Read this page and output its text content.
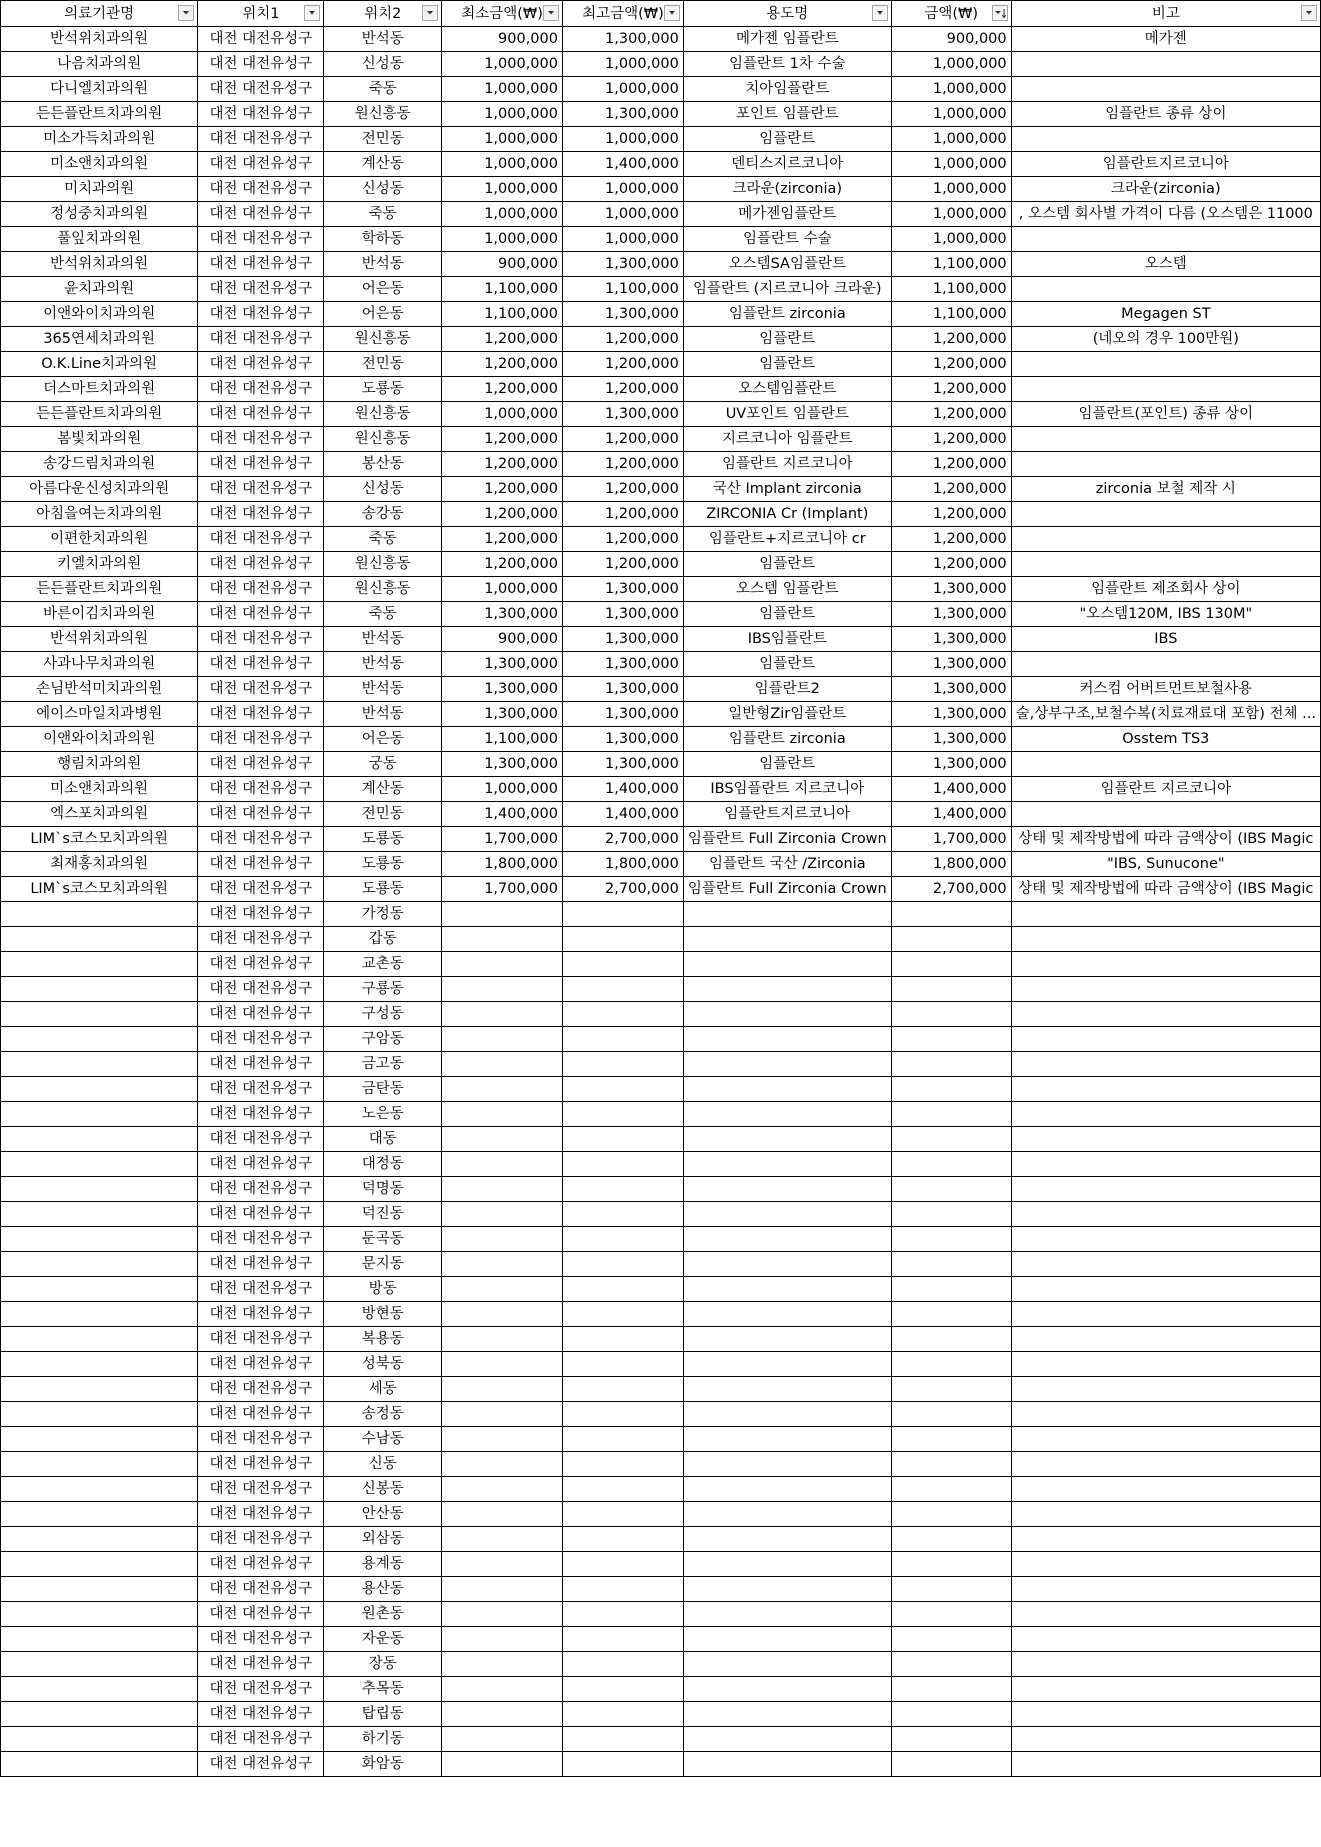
의료기관명	위치1	위치2	최소금액(₩)	최고금액(₩)	용도명	금액(₩)	비고

반석위치과의원	대전 대전유성구	반석동	900,000	1,300,000	메가젠 임플란트	900,000	메가젠
나음치과의원	대전 대전유성구	신성동	1,000,000	1,000,000	임플란트 1차 수술	1,000,000	
다니엘치과의원	대전 대전유성구	죽동	1,000,000	1,000,000	치아임플란트	1,000,000	
든든플란트치과의원	대전 대전유성구	원신흥동	1,000,000	1,300,000	포인트 임플란트	1,000,000	임플란트 종류 상이
미소가득치과의원	대전 대전유성구	전민동	1,000,000	1,000,000	임플란트	1,000,000	
미소앤치과의원	대전 대전유성구	계산동	1,000,000	1,400,000	덴티스지르코니아	1,000,000	임플란트지르코니아
미치과의원	대전 대전유성구	신성동	1,000,000	1,000,000	크라운(zirconia)	1,000,000	크라운(zirconia)
정성중치과의원	대전 대전유성구	죽동	1,000,000	1,000,000	메가젠임플란트	1,000,000	, 오스템 회사별 가격이 다름 (오스템은 11000
풀잎치과의원	대전 대전유성구	학하동	1,000,000	1,000,000	임플란트 수술	1,000,000	
반석위치과의원	대전 대전유성구	반석동	900,000	1,300,000	오스템SA임플란트	1,100,000	오스템
윤치과의원	대전 대전유성구	어은동	1,100,000	1,100,000	임플란트 (지르코니아 크라운)	1,100,000	
이앤와이치과의원	대전 대전유성구	어은동	1,100,000	1,300,000	임플란트 zirconia	1,100,000	Megagen ST
365연세치과의원	대전 대전유성구	원신흥동	1,200,000	1,200,000	임플란트	1,200,000	(네오의 경우 100만원)
O.K.Line치과의원	대전 대전유성구	전민동	1,200,000	1,200,000	임플란트	1,200,000	
더스마트치과의원	대전 대전유성구	도룡동	1,200,000	1,200,000	오스템임플란트	1,200,000	
든든플란트치과의원	대전 대전유성구	원신흥동	1,000,000	1,300,000	UV포인트 임플란트	1,200,000	임플란트(포인트) 종류 상이
봄빛치과의원	대전 대전유성구	원신흥동	1,200,000	1,200,000	지르코니아 임플란트	1,200,000	
송강드림치과의원	대전 대전유성구	봉산동	1,200,000	1,200,000	임플란트 지르코니아	1,200,000	
아름다운신성치과의원	대전 대전유성구	신성동	1,200,000	1,200,000	국산 Implant zirconia	1,200,000	zirconia 보철 제작 시
아침을여는치과의원	대전 대전유성구	송강동	1,200,000	1,200,000	ZIRCONIA Cr (Implant)	1,200,000	
이편한치과의원	대전 대전유성구	죽동	1,200,000	1,200,000	임플란트+지르코니아 cr	1,200,000	
키엘치과의원	대전 대전유성구	원신흥동	1,200,000	1,200,000	임플란트	1,200,000	
든든플란트치과의원	대전 대전유성구	원신흥동	1,000,000	1,300,000	오스템 임플란트	1,300,000	임플란트 제조회사 상이
바른이김치과의원	대전 대전유성구	죽동	1,300,000	1,300,000	임플란트	1,300,000	"오스템120M, IBS 130M"
반석위치과의원	대전 대전유성구	반석동	900,000	1,300,000	IBS임플란트	1,300,000	IBS
사과나무치과의원	대전 대전유성구	반석동	1,300,000	1,300,000	임플란트	1,300,000	
손님반석미치과의원	대전 대전유성구	반석동	1,300,000	1,300,000	임플란트2	1,300,000	커스컴 어버트먼트보철사용
에이스마일치과병원	대전 대전유성구	반석동	1,300,000	1,300,000	일반형Zir임플란트	1,300,000	술,상부구조,보철수복(치료재료대 포함) 전체 ...
이앤와이치과의원	대전 대전유성구	어은동	1,100,000	1,300,000	임플란트 zirconia	1,300,000	Osstem TS3
행림치과의원	대전 대전유성구	궁동	1,300,000	1,300,000	임플란트	1,300,000	
미소앤치과의원	대전 대전유성구	계산동	1,000,000	1,400,000	IBS임플란트 지르코니아	1,400,000	임플란트 지르코니아
엑스포치과의원	대전 대전유성구	전민동	1,400,000	1,400,000	임플란트지르코니아	1,400,000	
LIM`s코스모치과의원	대전 대전유성구	도룡동	1,700,000	2,700,000	임플란트 Full Zirconia Crown	1,700,000	상태 및 제작방법에 따라 금액상이 (IBS Magic
최재홍치과의원	대전 대전유성구	도룡동	1,800,000	1,800,000	임플란트 국산 /Zirconia	1,800,000	"IBS, Sunucone"
LIM`s코스모치과의원	대전 대전유성구	도룡동	1,700,000	2,700,000	임플란트 Full Zirconia Crown	2,700,000	상태 및 제작방법에 따라 금액상이 (IBS Magic
	대전 대전유성구	가정동					
	대전 대전유성구	갑동					
	대전 대전유성구	교촌동					
	대전 대전유성구	구룡동					
	대전 대전유성구	구성동					
	대전 대전유성구	구암동					
	대전 대전유성구	금고동					
	대전 대전유성구	금탄동					
	대전 대전유성구	노은동					
	대전 대전유성구	대동					
	대전 대전유성구	대정동					
	대전 대전유성구	덕명동					
	대전 대전유성구	덕진동					
	대전 대전유성구	둔곡동					
	대전 대전유성구	문지동					
	대전 대전유성구	방동					
	대전 대전유성구	방현동					
	대전 대전유성구	복용동					
	대전 대전유성구	성북동					
	대전 대전유성구	세동					
	대전 대전유성구	송정동					
	대전 대전유성구	수남동					
	대전 대전유성구	신동					
	대전 대전유성구	신봉동					
	대전 대전유성구	안산동					
	대전 대전유성구	외삼동					
	대전 대전유성구	용계동					
	대전 대전유성구	용산동					
	대전 대전유성구	원촌동					
	대전 대전유성구	자운동					
	대전 대전유성구	장동					
	대전 대전유성구	추목동					
	대전 대전유성구	탑립동					
	대전 대전유성구	하기동					
	대전 대전유성구	화암동					
